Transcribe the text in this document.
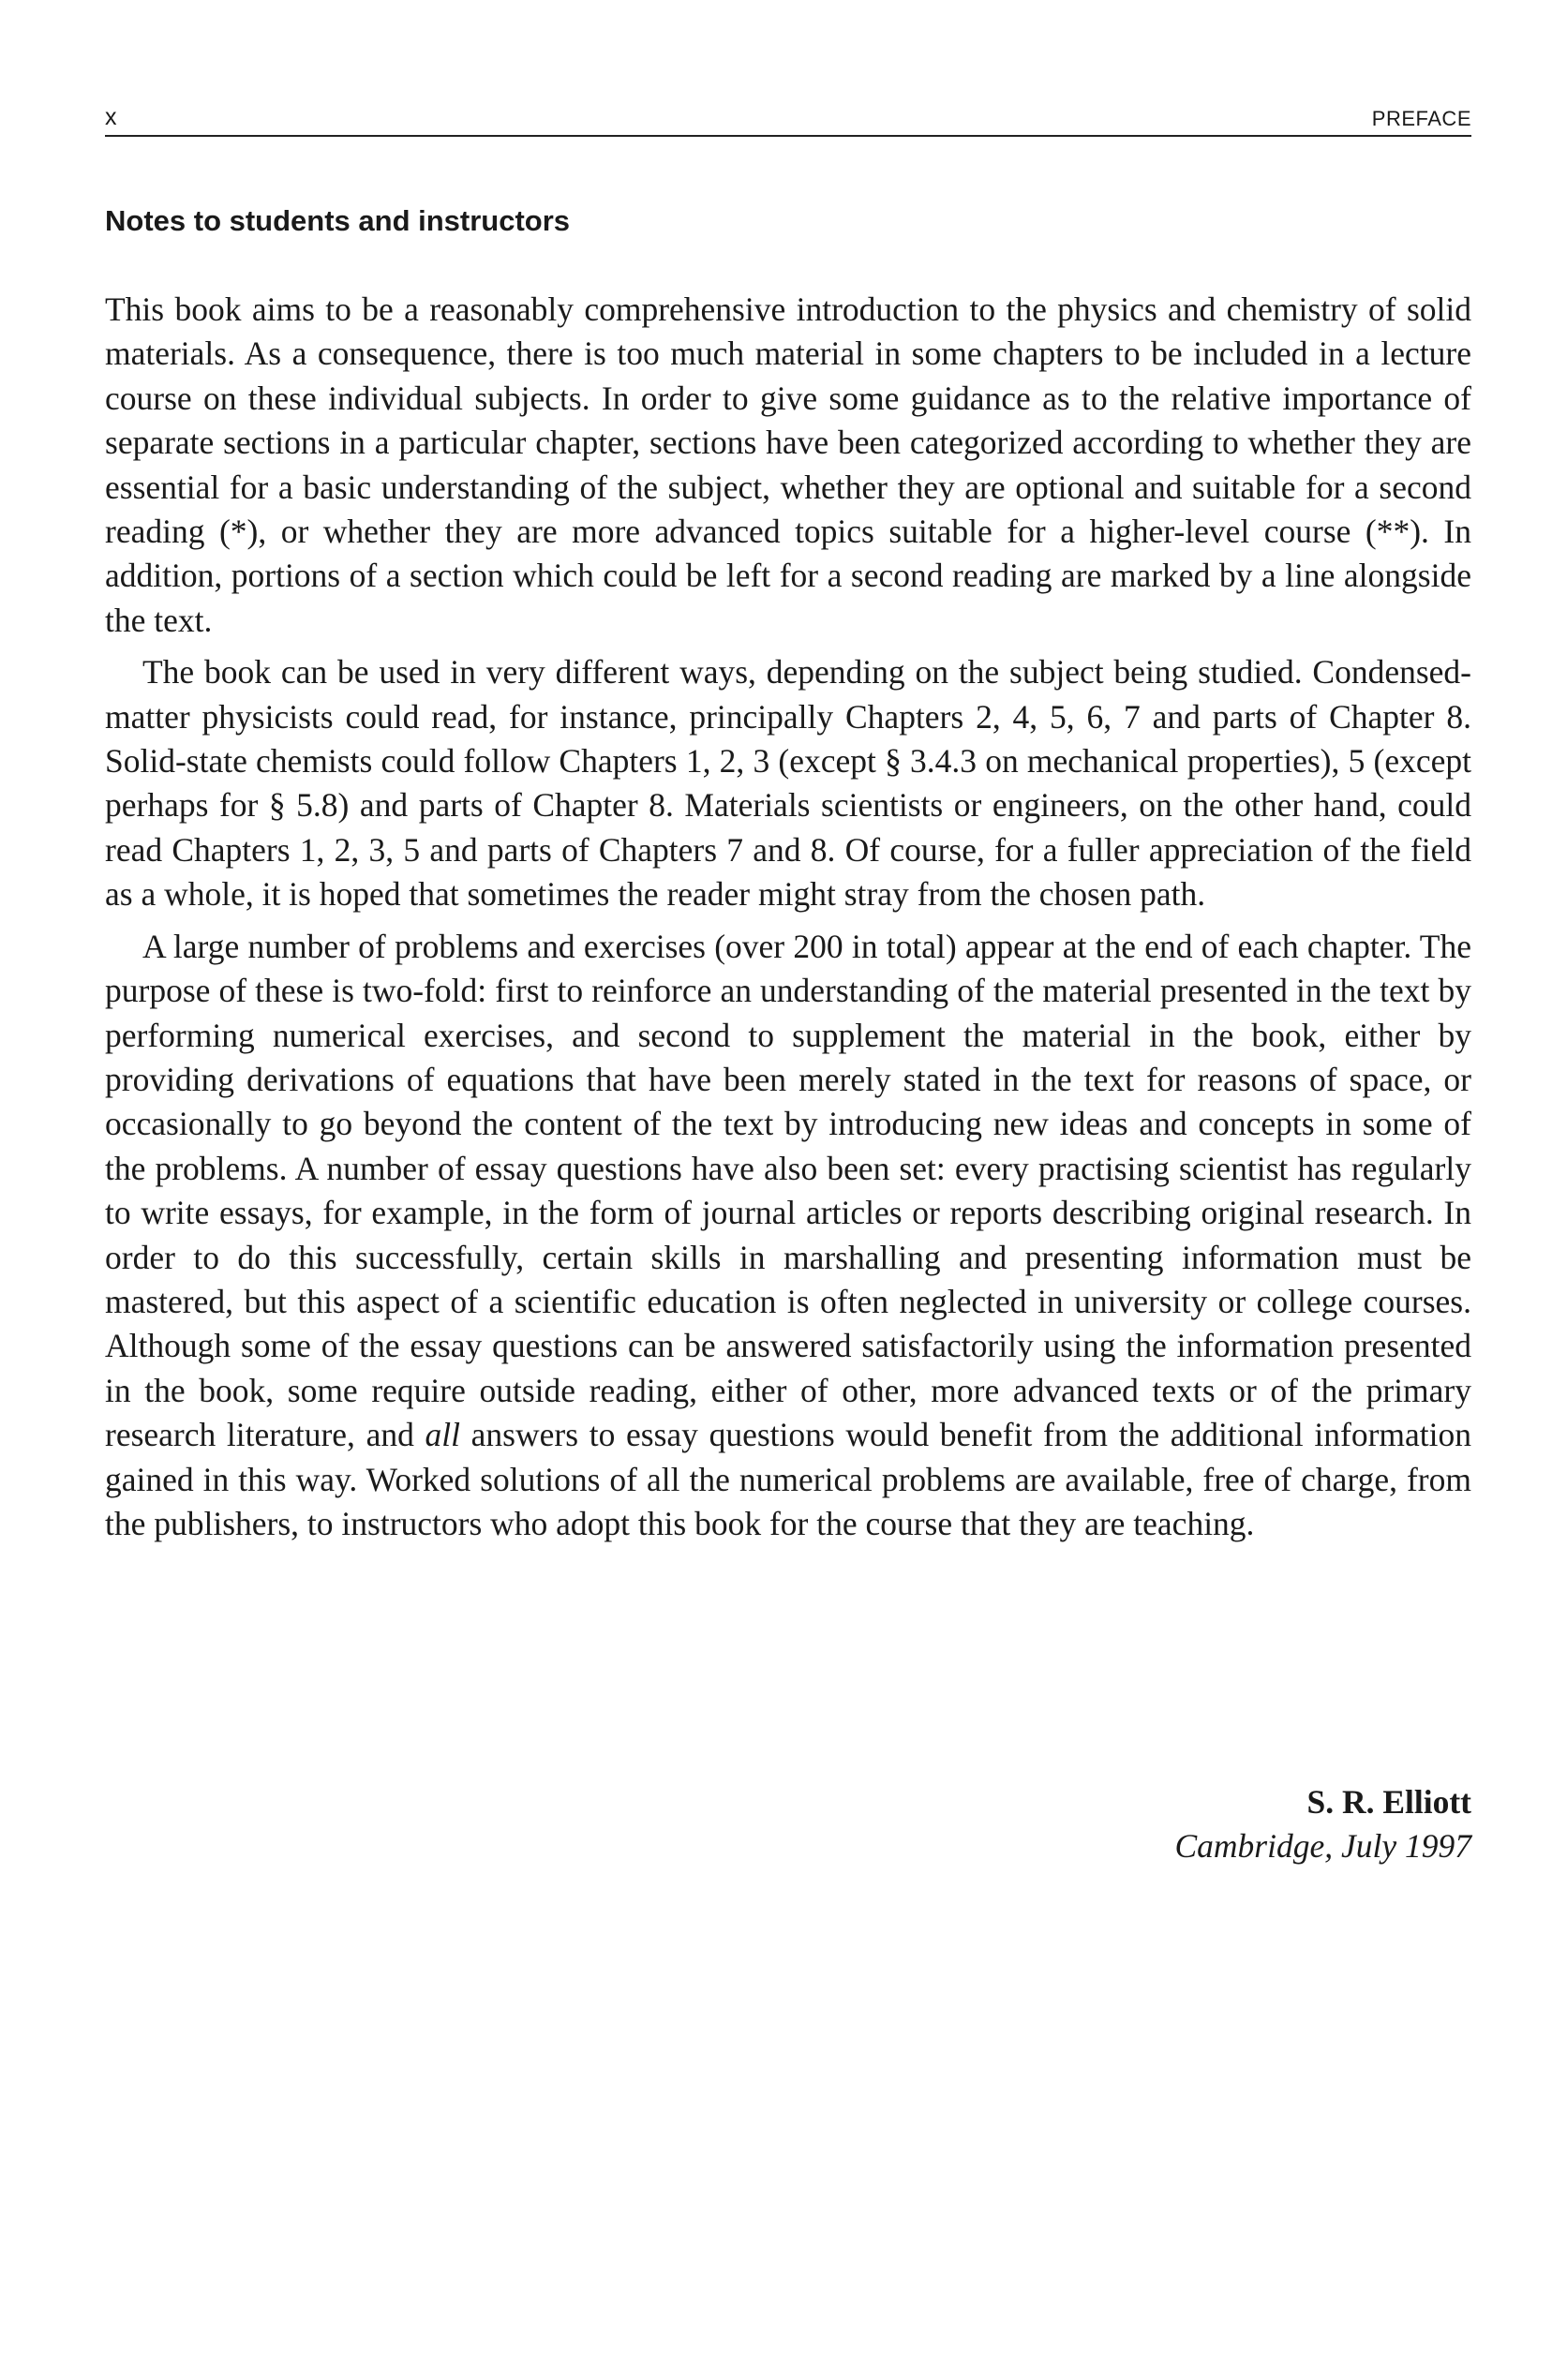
x	PREFACE
Notes to students and instructors

This book aims to be a reasonably comprehensive introduction to the physics and chemistry of solid materials. As a consequence, there is too much material in some chapters to be included in a lecture course on these individual subjects. In order to give some guidance as to the relative importance of separate sections in a particular chapter, sections have been categorized according to whether they are essential for a basic understanding of the subject, whether they are optional and suitable for a second reading (*), or whether they are more advanced topics suitable for a higher-level course (**). In addition, portions of a section which could be left for a second reading are marked by a line alongside the text.

The book can be used in very different ways, depending on the subject being studied. Condensed-matter physicists could read, for instance, principally Chapters 2, 4, 5, 6, 7 and parts of Chapter 8. Solid-state chemists could follow Chapters 1, 2, 3 (except § 3.4.3 on mechanical properties), 5 (except perhaps for § 5.8) and parts of Chapter 8. Materials scientists or engineers, on the other hand, could read Chapters 1, 2, 3, 5 and parts of Chapters 7 and 8. Of course, for a fuller appreciation of the field as a whole, it is hoped that sometimes the reader might stray from the chosen path.

A large number of problems and exercises (over 200 in total) appear at the end of each chapter. The purpose of these is two-fold: first to reinforce an understanding of the material presented in the text by performing numerical exercises, and second to supplement the material in the book, either by providing derivations of equations that have been merely stated in the text for reasons of space, or occasionally to go beyond the content of the text by introducing new ideas and concepts in some of the problems. A number of essay questions have also been set: every practising scientist has regularly to write essays, for example, in the form of journal articles or reports describing original research. In order to do this successfully, certain skills in marshalling and presenting information must be mastered, but this aspect of a scientific education is often neglected in university or college courses. Although some of the essay questions can be answered satisfactorily using the information presented in the book, some require outside reading, either of other, more advanced texts or of the primary research literature, and all answers to essay questions would benefit from the additional information gained in this way. Worked solutions of all the numerical problems are available, free of charge, from the publishers, to instructors who adopt this book for the course that they are teaching.

S. R. Elliott
Cambridge, July 1997
